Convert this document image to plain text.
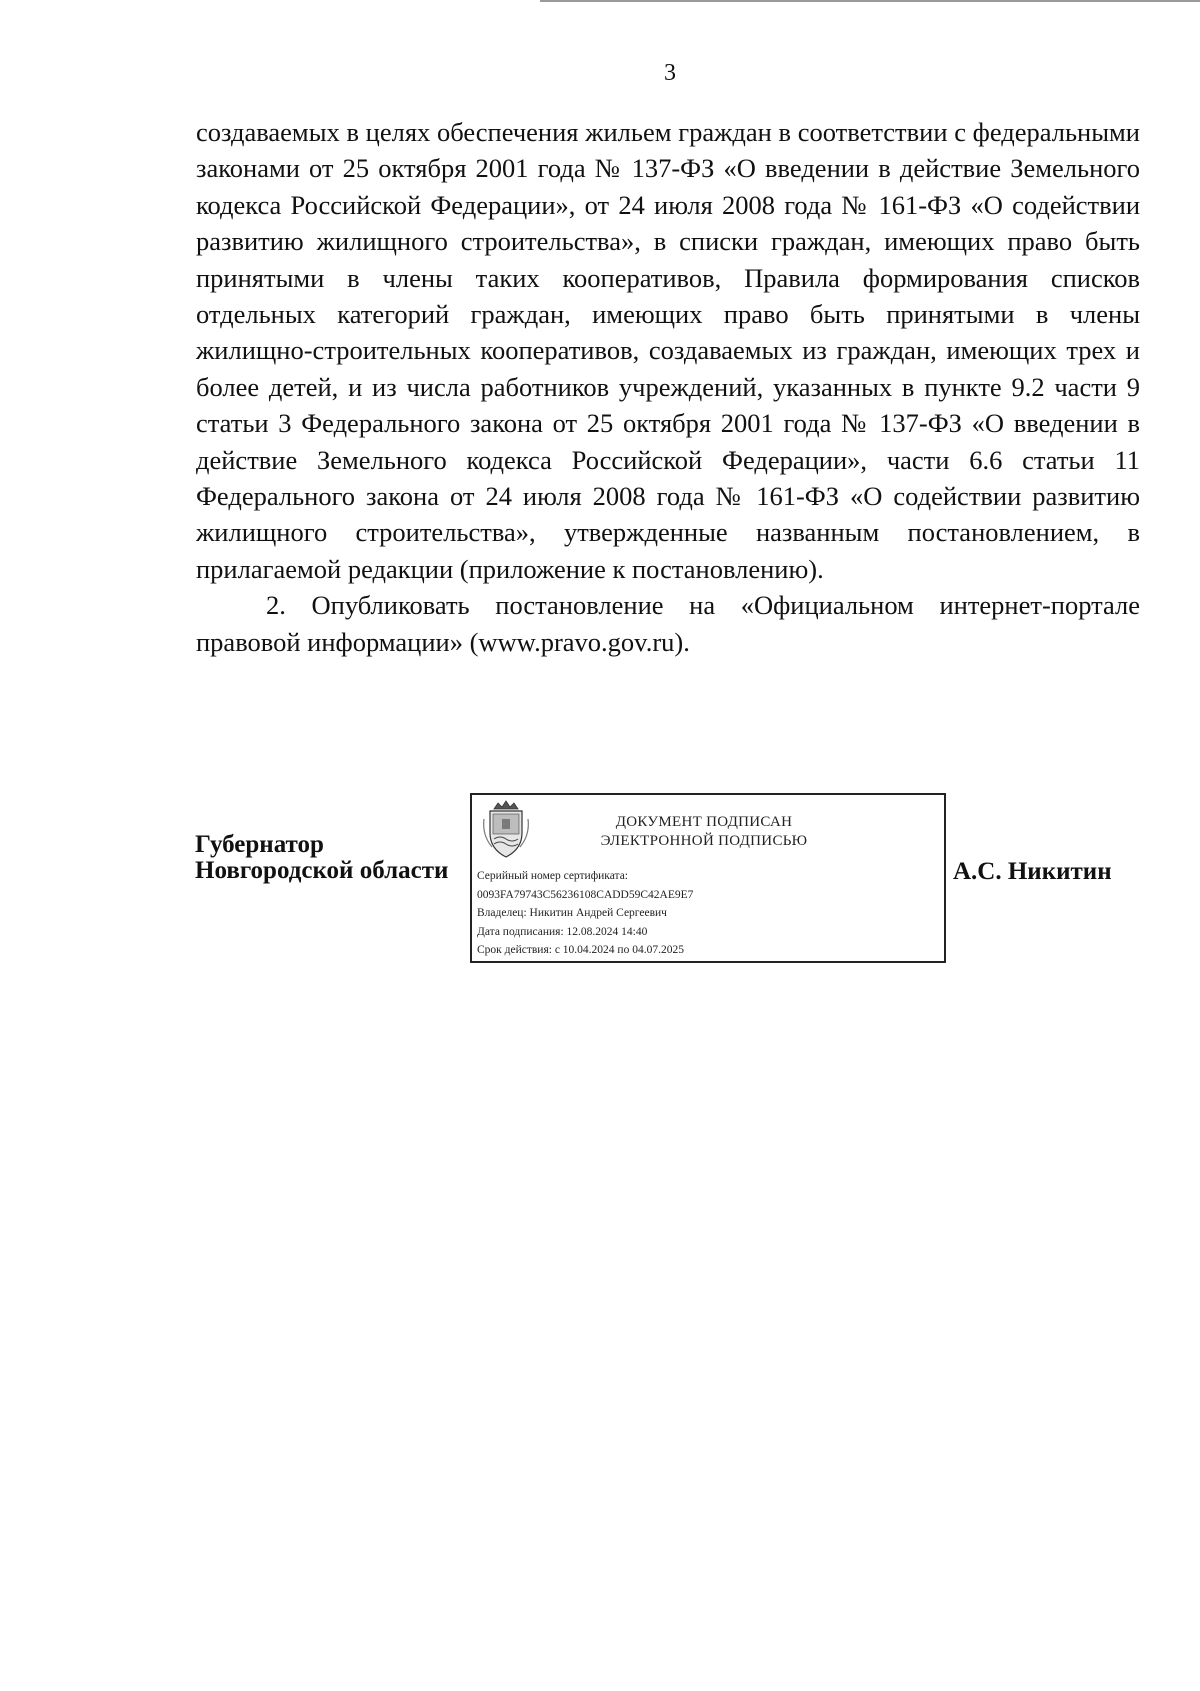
3

создаваемых в целях обеспечения жильем граждан в соответствии с федеральными законами от 25 октября 2001 года № 137-ФЗ «О введении в действие Земельного кодекса Российской Федерации», от 24 июля 2008 года № 161-ФЗ «О содействии развитию жилищного строительства», в списки граждан, имеющих право быть принятыми в члены таких кооперативов, Правила формирования списков отдельных категорий граждан, имеющих право быть принятыми в члены жилищно-строительных кооперативов, создаваемых из граждан, имеющих трех и более детей, и из числа работников учреждений, указанных в пункте 9.2 части 9 статьи 3 Федерального закона от 25 октября 2001 года № 137-ФЗ «О введении в действие Земельного кодекса Российской Федерации», части 6.6 статьи 11 Федерального закона от 24 июля 2008 года № 161-ФЗ «О содействии развитию жилищного строительства», утвержденные названным постановлением, в прилагаемой редакции (приложение к постановлению).

2. Опубликовать постановление на «Официальном интернет-портале правовой информации» (www.pravo.gov.ru).

Губернатор
Новгородской области
ДОКУМЕНТ ПОДПИСАН
ЭЛЕКТРОННОЙ ПОДПИСЬЮ
Серийный номер сертификата:
0093FA79743C56236108CADD59C42AE9E7
Владелец: Никитин Андрей Сергеевич
Дата подписания: 12.08.2024 14:40
Срок действия: с 10.04.2024 по 04.07.2025
А.С. Никитин
